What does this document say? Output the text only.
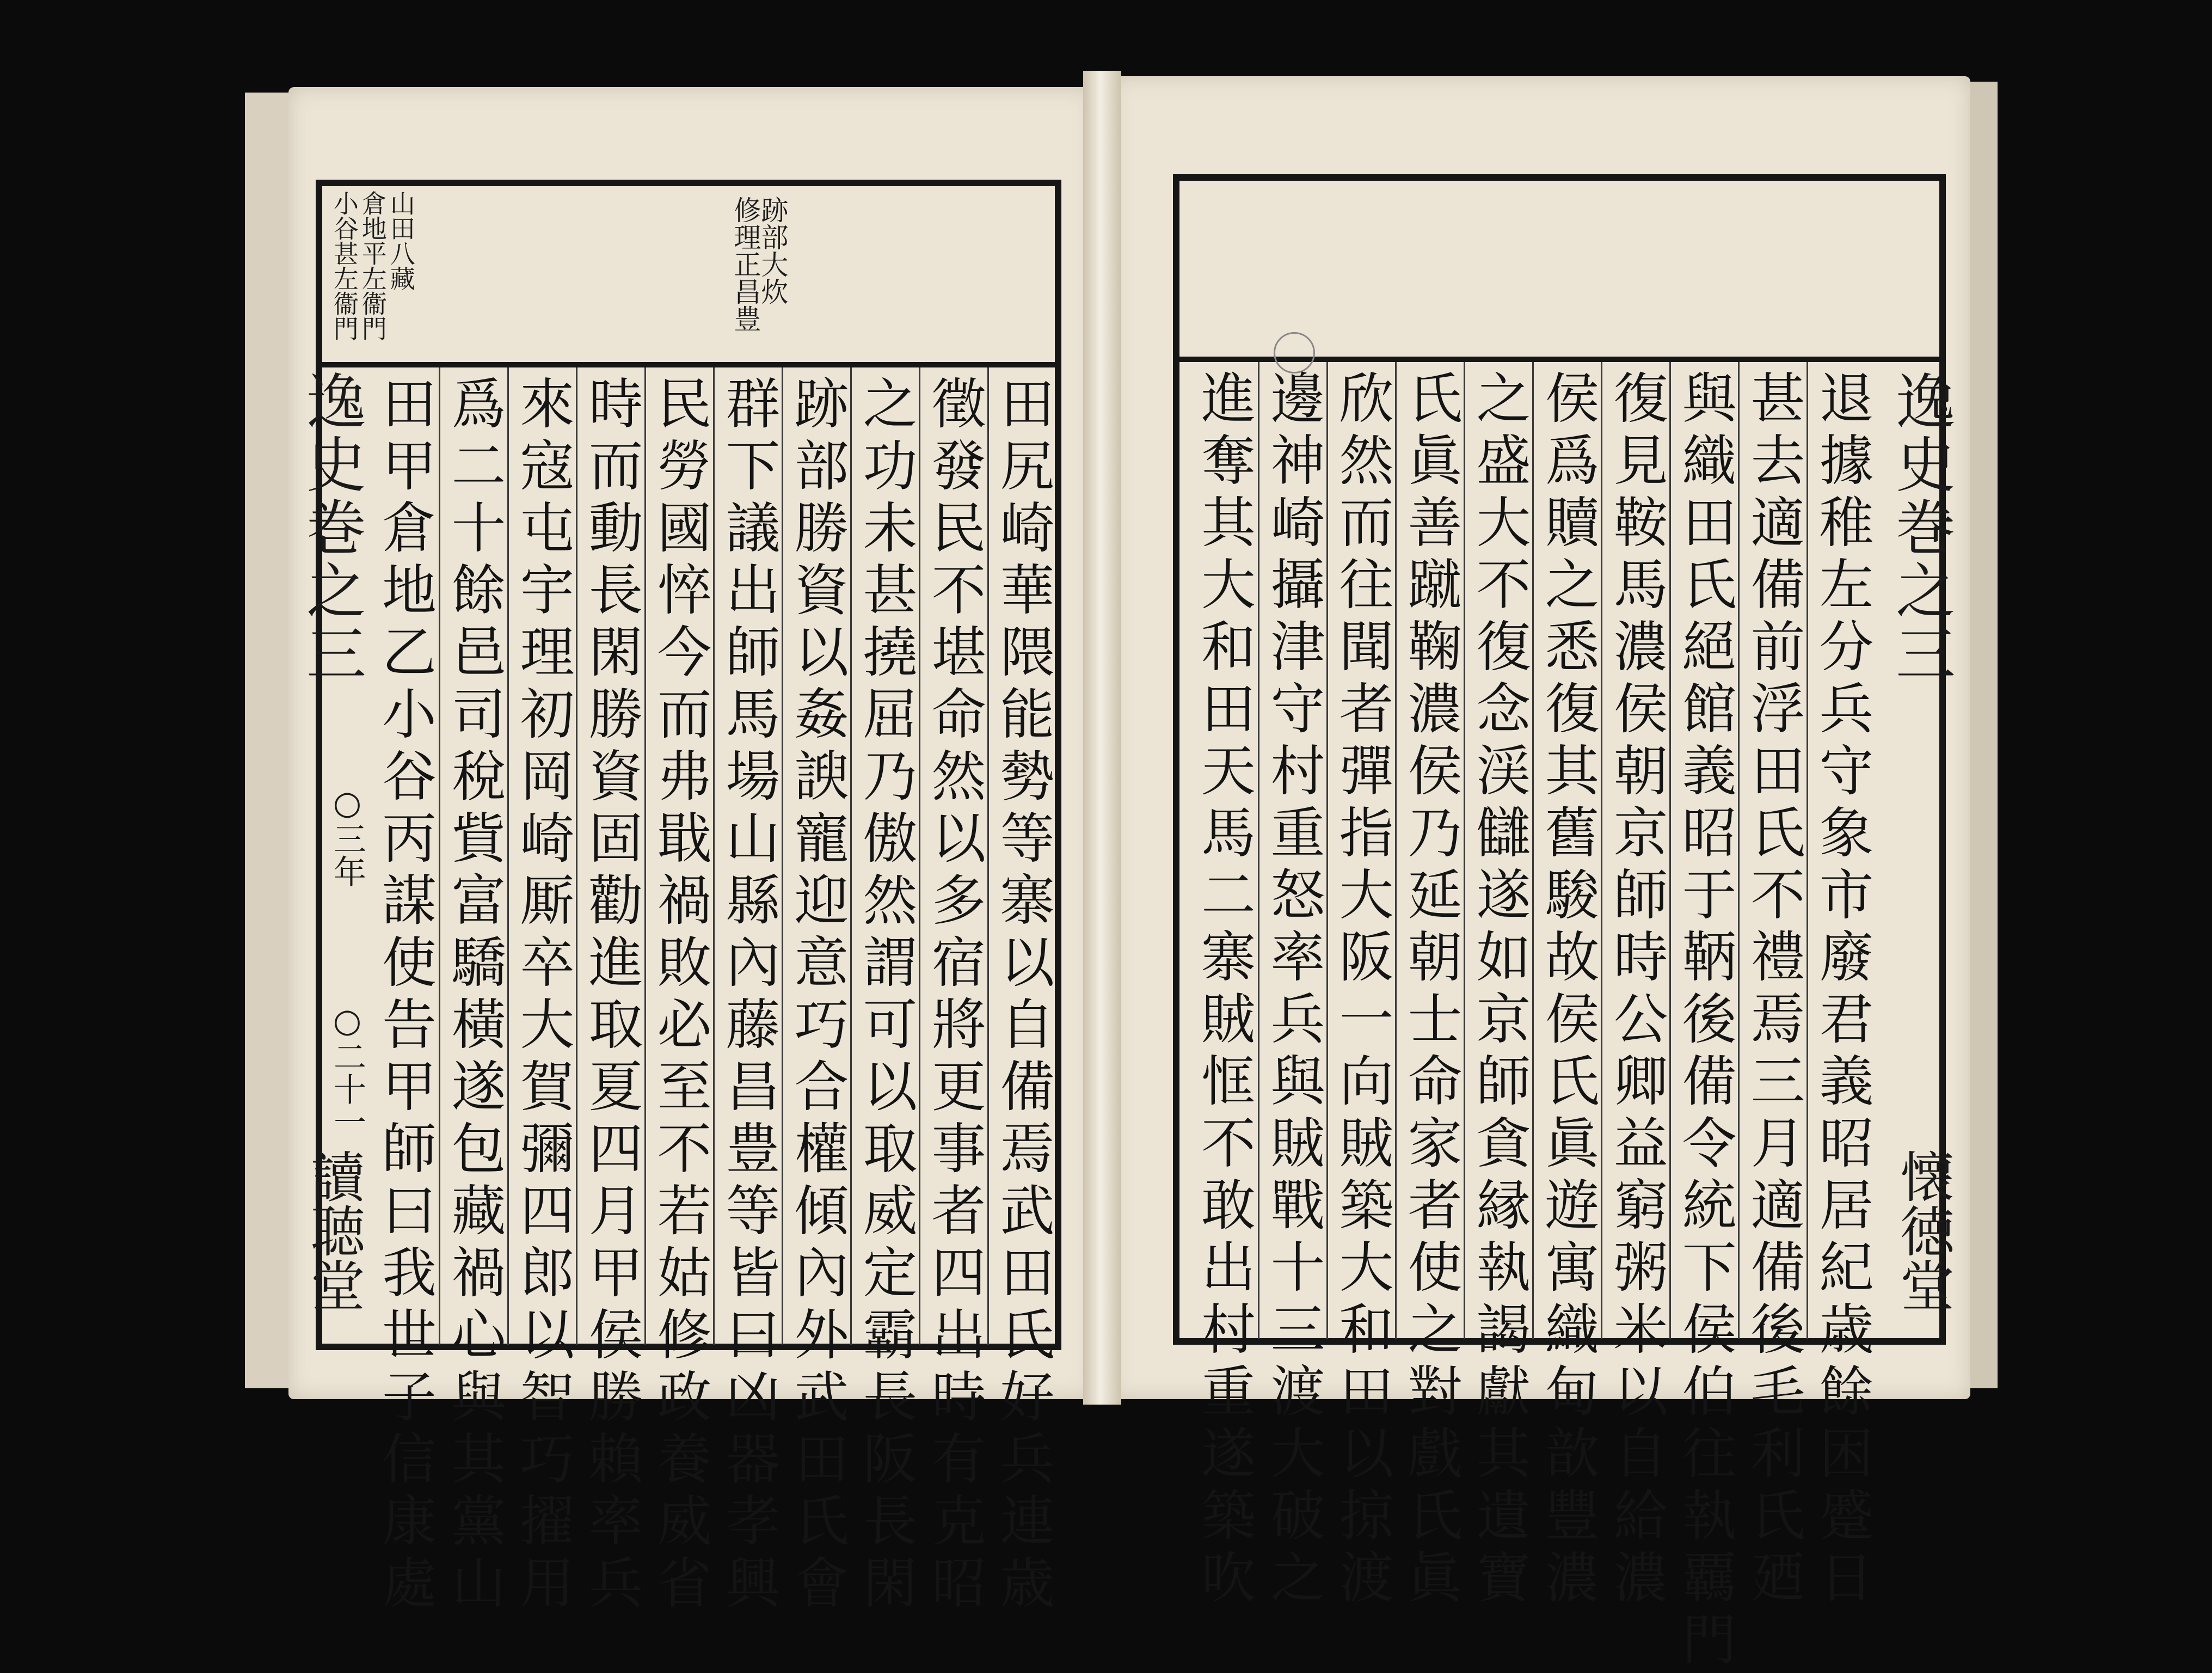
跡部大炊
修理正昌豊
山田八藏
倉地平左衞門
小谷甚左衞門
田尻崎華隈能勢等寨以自備焉武田氏好兵連歳
徵發民不堪命然以多宿將更事者四出時有克昭
之功未甚撓屈乃傲然謂可以取威定霸長阪長閑
跡部勝資以姦諛寵迎意巧合權傾內外武田氏會
群下議出師馬場山縣內藤昌豊等皆曰凶器孝興
民勞國悴今而弗戢禍敗必至不若姑修政養威省
時而動長閑勝資固勸進取夏四月甲侯勝賴率兵
來寇屯宇理初岡崎厮卒大賀彌四郎以智巧擢用
爲二十餘邑司稅貲富驕橫遂包藏禍心與其黨山
田甲倉地乙小谷丙謀使告甲師曰我世子信康處
逸史巻之三
○三年
○二十一
讀聴堂	退據稚左分兵守象市廢君義昭居紀歳餘困蹙日
甚去適備前浮田氏不禮焉三月適備後毛利氏廼
與織田氏絕館義昭于鞆後備令統下侯伯往執覊門
復見鞍馬濃侯朝京師時公卿益窮粥米以自給濃
侯爲贖之悉復其舊駿故侯氏眞遊寓織甸歆豐濃
之盛大不復念渓讎遂如京師貪縁執謁獻其遺寶
氏眞善蹴鞠濃侯乃延朝士命家者使之對戲氏眞
欣然而往聞者彈指大阪一向賊築大和田以掠渡
邊神崎攝津守村重怒率兵與賊戰十三渡大破之
進奪其大和田天馬二寨賊恇不敢出村重遂築吹	逸史巻之三
懐徳堂
